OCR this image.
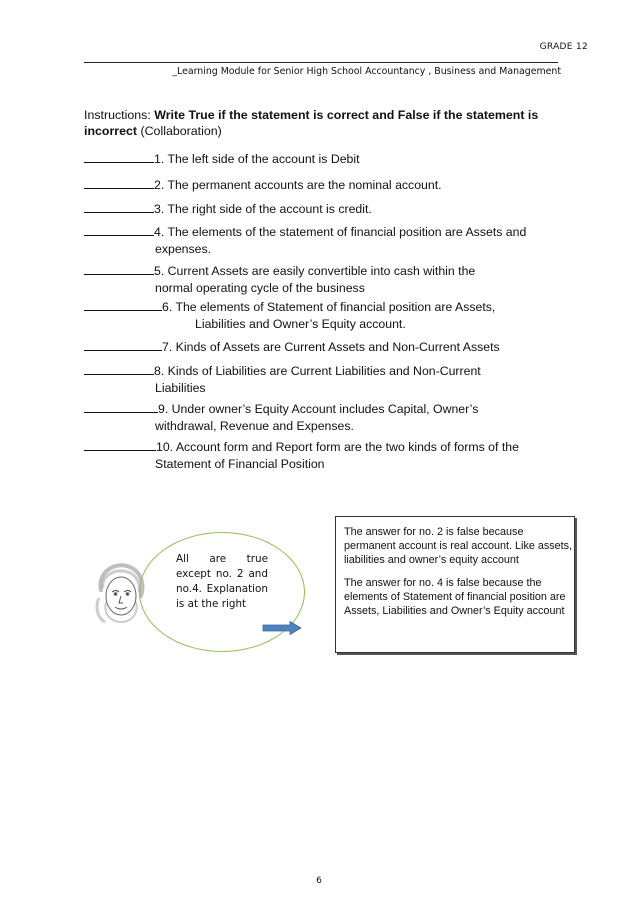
GRADE 12
_Learning Module for Senior High School Accountancy , Business and Management
Instructions: Write True if the statement is correct and False if the statement is incorrect (Collaboration)
1. The left side of the account is Debit
2. The permanent accounts are the nominal account.
3. The right side of the account is credit.
4. The elements of the statement of financial position are Assets and
expenses.
5. Current Assets are easily convertible into cash within the
normal operating cycle of the business
6. The elements of Statement of financial position are Assets,
Liabilities and Owner’s Equity account.
7. Kinds of Assets are Current Assets and Non-Current Assets
8. Kinds of Liabilities are Current Liabilities and Non-Current
Liabilities
9. Under owner’s Equity Account includes Capital, Owner’s
withdrawal, Revenue and Expenses.
10. Account form and Report form are the two kinds of forms of the
Statement of Financial Position
All are true except no. 2 and no.4. Explanation is at the right

The answer for no. 2 is false because permanent account is real account. Like assets, liabilities and owner’s equity account

The answer for no. 4 is false because the elements of Statement of financial position are Assets, Liabilities and Owner’s Equity account

6
